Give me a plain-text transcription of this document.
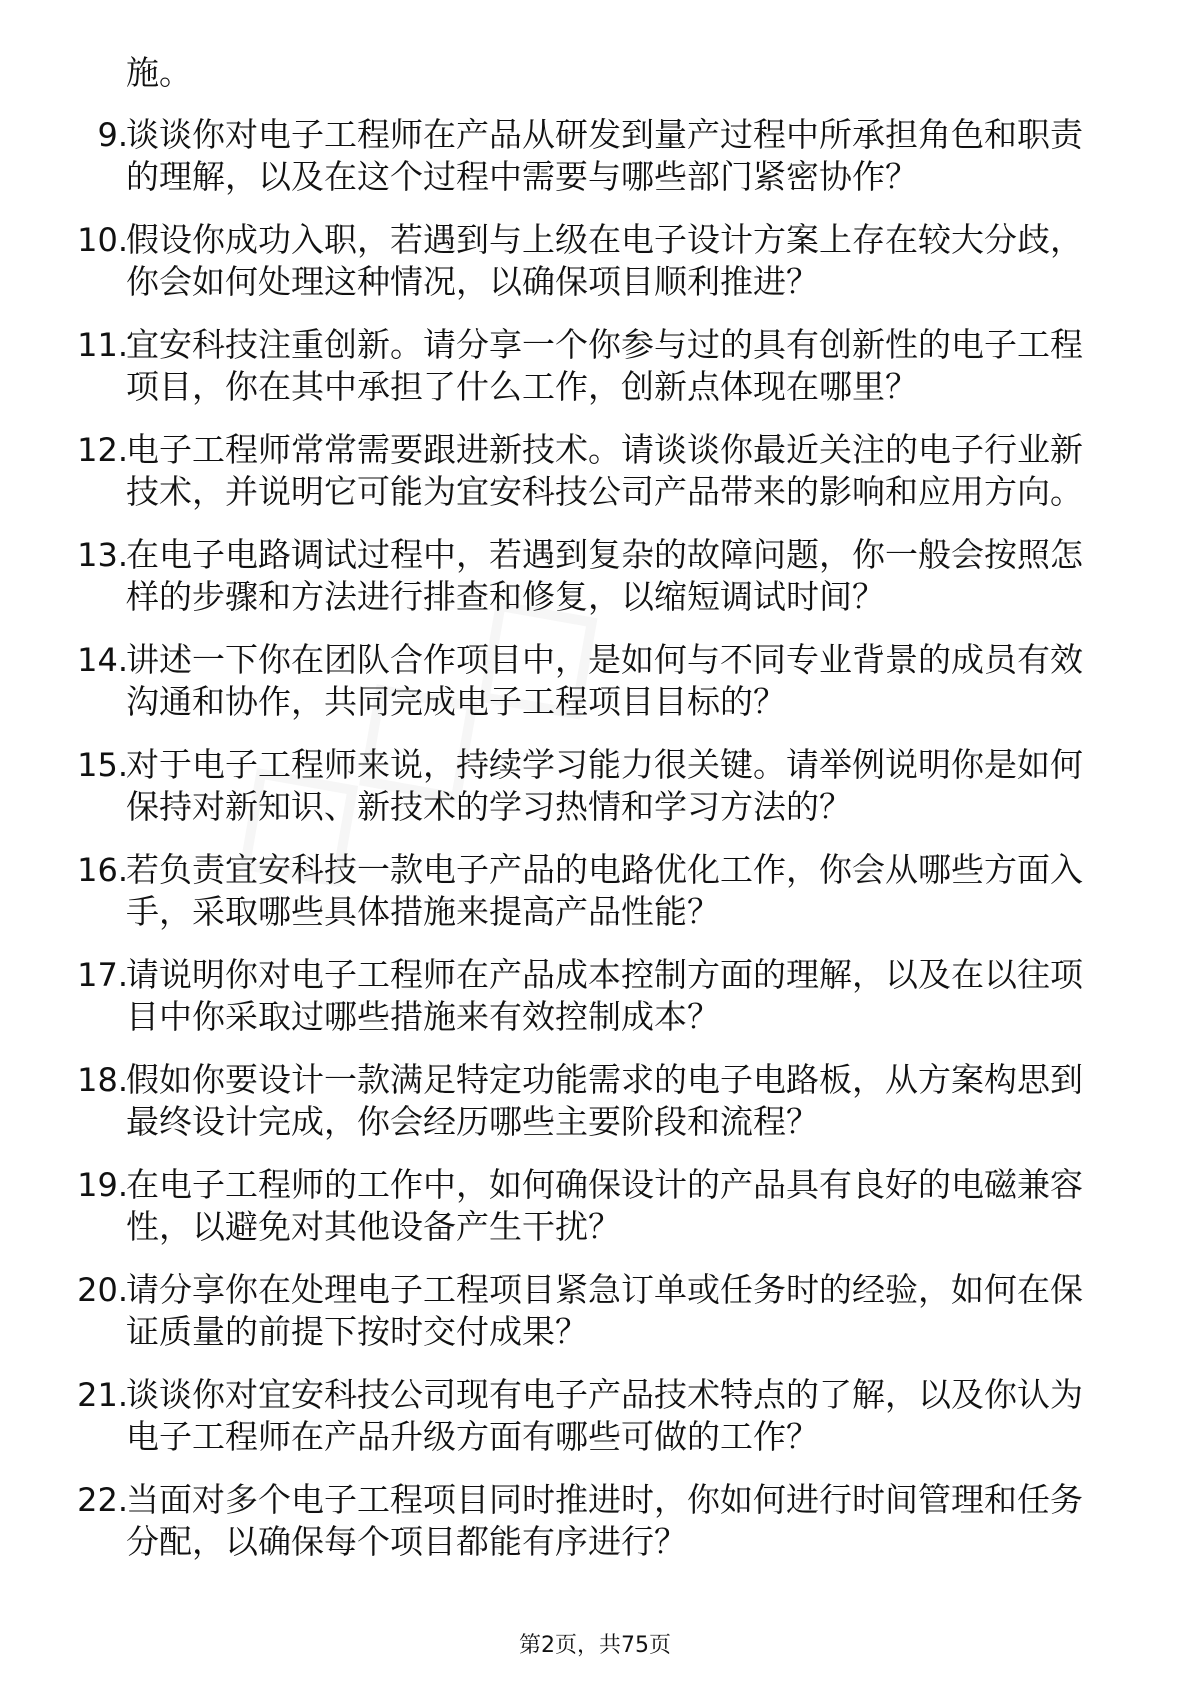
施。

9.
谈谈你对电子工程师在产品从研发到量产过程中所承担角色和职责的理解，以及在这个过程中需要与哪些部门紧密协作？
10.
假设你成功入职，若遇到与上级在电子设计方案上存在较大分歧，你会如何处理这种情况，以确保项目顺利推进？
11.
宜安科技注重创新。请分享一个你参与过的具有创新性的电子工程项目，你在其中承担了什么工作，创新点体现在哪里？
12.
电子工程师常常需要跟进新技术。请谈谈你最近关注的电子行业新技术，并说明它可能为宜安科技公司产品带来的影响和应用方向。
13.
在电子电路调试过程中，若遇到复杂的故障问题，你一般会按照怎样的步骤和方法进行排查和修复，以缩短调试时间？
14.
讲述一下你在团队合作项目中，是如何与不同专业背景的成员有效沟通和协作，共同完成电子工程项目目标的？
15.
对于电子工程师来说，持续学习能力很关键。请举例说明你是如何保持对新知识、新技术的学习热情和学习方法的？
16.
若负责宜安科技一款电子产品的电路优化工作，你会从哪些方面入手，采取哪些具体措施来提高产品性能？
17.
请说明你对电子工程师在产品成本控制方面的理解，以及在以往项目中你采取过哪些措施来有效控制成本？
18.
假如你要设计一款满足特定功能需求的电子电路板，从方案构思到最终设计完成，你会经历哪些主要阶段和流程？
19.
在电子工程师的工作中，如何确保设计的产品具有良好的电磁兼容性，以避免对其他设备产生干扰？
20.
请分享你在处理电子工程项目紧急订单或任务时的经验，如何在保证质量的前提下按时交付成果？
21.
谈谈你对宜安科技公司现有电子产品技术特点的了解，以及你认为电子工程师在产品升级方面有哪些可做的工作？
22.
当面对多个电子工程项目同时推进时，你如何进行时间管理和任务分配，以确保每个项目都能有序进行？
第2页，共75页
